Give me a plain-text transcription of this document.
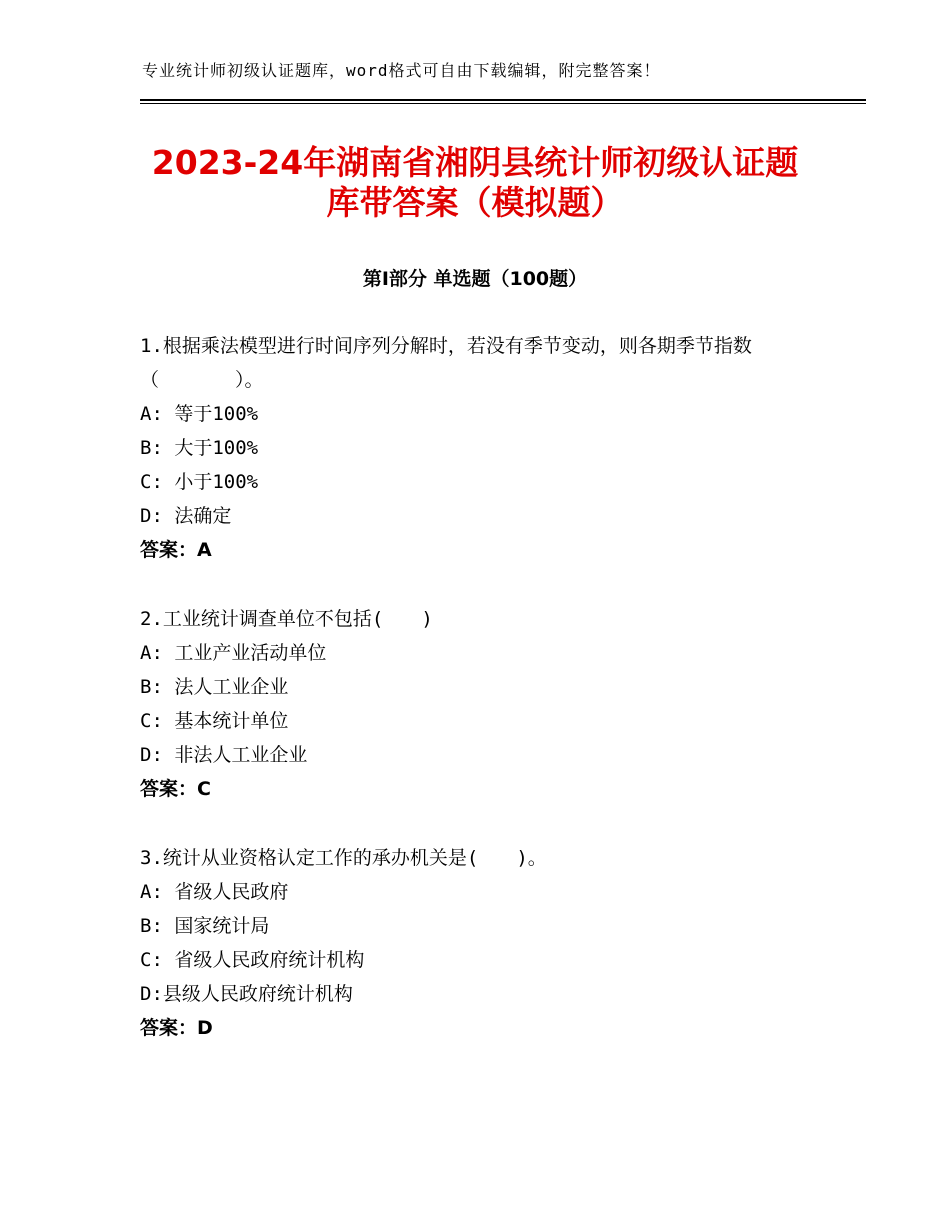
专业统计师初级认证题库，word格式可自由下载编辑，附完整答案！
2023-24年湖南省湘阴县统计师初级认证题
库带答案（模拟题）
第Ⅰ部分 单选题（100题）
1.根据乘法模型进行时间序列分解时，若没有季节变动，则各期季节指数（　　　　）。
A: 等于100%
B: 大于100%
C: 小于100%
D: 法确定
答案：A
2.工业统计调查单位不包括(　　)
A: 工业产业活动单位
B: 法人工业企业
C: 基本统计单位
D: 非法人工业企业
答案：C
3.统计从业资格认定工作的承办机关是(　　)。
A: 省级人民政府
B: 国家统计局
C: 省级人民政府统计机构
D:县级人民政府统计机构
答案：D
